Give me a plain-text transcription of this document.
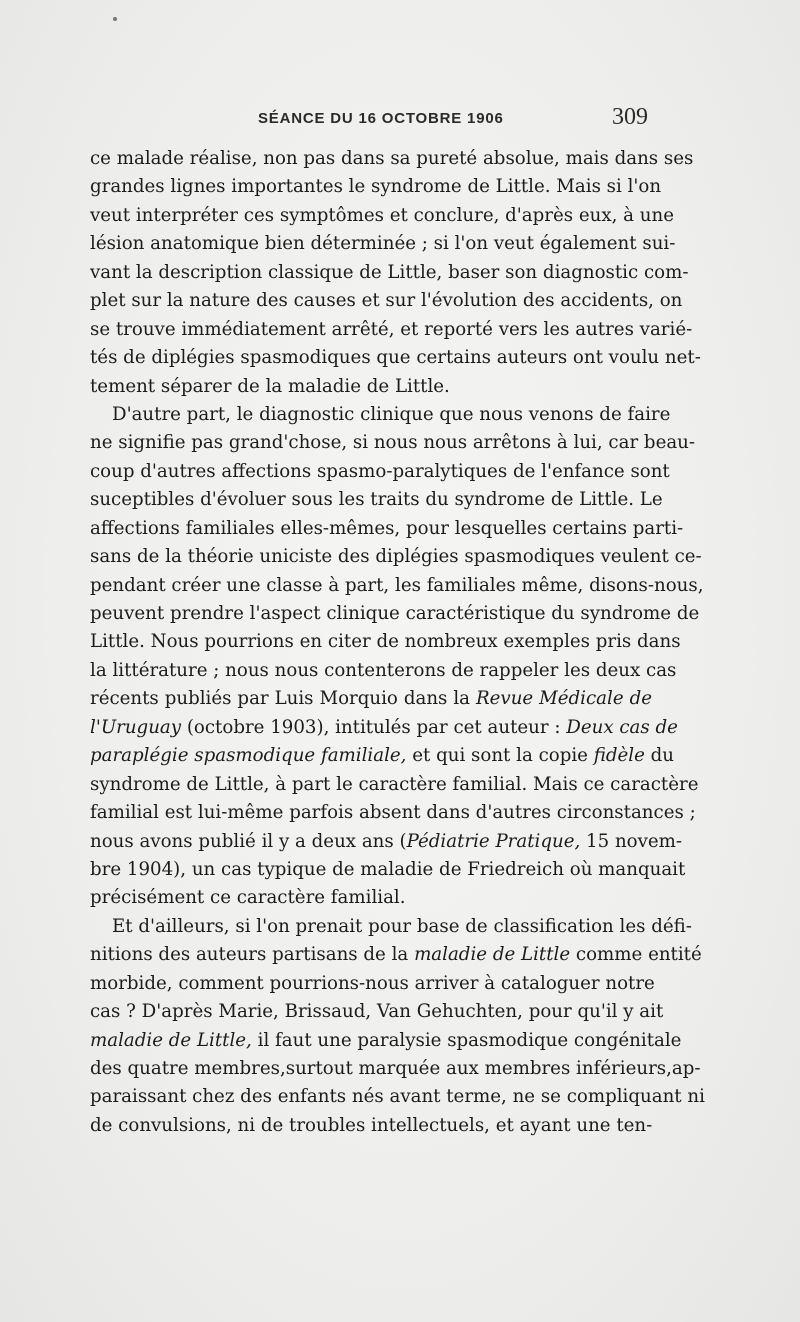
SÉANCE DU 16 OCTOBRE 1906	309
ce malade réalise, non pas dans sa pureté absolue, mais dans ses
grandes lignes importantes le syndrome de Little. Mais si l'on
veut interpréter ces symptômes et conclure, d'après eux, à une
lésion anatomique bien déterminée ; si l'on veut également sui-
vant la description classique de Little, baser son diagnostic com-
plet sur la nature des causes et sur l'évolution des accidents, on
se trouve immédiatement arrêté, et reporté vers les autres varié-
tés de diplégies spasmodiques que certains auteurs ont voulu net-
tement séparer de la maladie de Little.
D'autre part, le diagnostic clinique que nous venons de faire
ne signifie pas grand'chose, si nous nous arrêtons à lui, car beau-
coup d'autres affections spasmo-paralytiques de l'enfance sont
suceptibles d'évoluer sous les traits du syndrome de Little. Le
affections familiales elles-mêmes, pour lesquelles certains parti-
sans de la théorie uniciste des diplégies spasmodiques veulent ce-
pendant créer une classe à part, les familiales même, disons-nous,
peuvent prendre l'aspect clinique caractéristique du syndrome de
Little. Nous pourrions en citer de nombreux exemples pris dans
la littérature ; nous nous contenterons de rappeler les deux cas
récents publiés par Luis Morquio dans la Revue Médicale de
l'Uruguay (octobre 1903), intitulés par cet auteur : Deux cas de
paraplégie spasmodique familiale, et qui sont la copie fidèle du
syndrome de Little, à part le caractère familial. Mais ce caractère
familial est lui-même parfois absent dans d'autres circonstances ;
nous avons publié il y a deux ans (Pédiatrie Pratique, 15 novem-
bre 1904), un cas typique de maladie de Friedreich où manquait
précisément ce caractère familial.
Et d'ailleurs, si l'on prenait pour base de classification les défi-
nitions des auteurs partisans de la maladie de Little comme entité
morbide, comment pourrions-nous arriver à cataloguer notre
cas ? D'après Marie, Brissaud, Van Gehuchten, pour qu'il y ait
maladie de Little, il faut une paralysie spasmodique congénitale
des quatre membres,surtout marquée aux membres inférieurs,ap-
paraissant chez des enfants nés avant terme, ne se compliquant ni
de convulsions, ni de troubles intellectuels, et ayant une ten-
